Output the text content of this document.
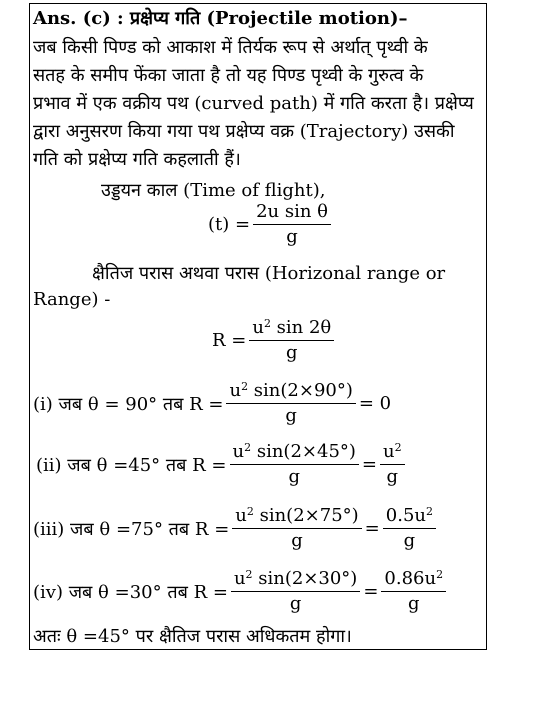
Ans. (c) : प्रक्षेप्य गति (Projectile motion)–
जब किसी पिण्ड को आकाश में तिर्यक रूप से अर्थात् पृथ्वी के
सतह के समीप फेंका जाता है तो यह पिण्ड पृथ्वी के गुरुत्व के
प्रभाव में एक वक्रीय पथ (curved path) में गति करता है। प्रक्षेप्य
द्वारा अनुसरण किया गया पथ प्रक्षेप्य वक्र (Trajectory) उसकी
गति को प्रक्षेप्य गति कहलाती हैं।
उड्डयन काल (Time of flight),
$(t) = \frac{\text{2u sin θ}}{g}$
क्षैतिज परास अथवा परास (Horizonal range or
Range) -
$R = \frac{u^2 \sin 2\theta}{g}$
(i) जब θ = 90° तब $R = \frac{u^2 \sin(2\times 90^\circ)}{g} = 0$
(ii) जब θ =45° तब $R = \frac{u^2 \sin(2\times 45^\circ)}{g} = \frac{u^2}{g}$
(iii) जब θ =75° तब $R = \frac{u^2 \sin(2\times 75^\circ)}{g} = \frac{0.5u^2}{g}$
(iv) जब θ =30° तब $R = \frac{u^2 \sin(2\times 30^\circ)}{g} = \frac{0.86u^2}{g}$
अतः θ =45° पर क्षैतिज परास अधिकतम होगा।
